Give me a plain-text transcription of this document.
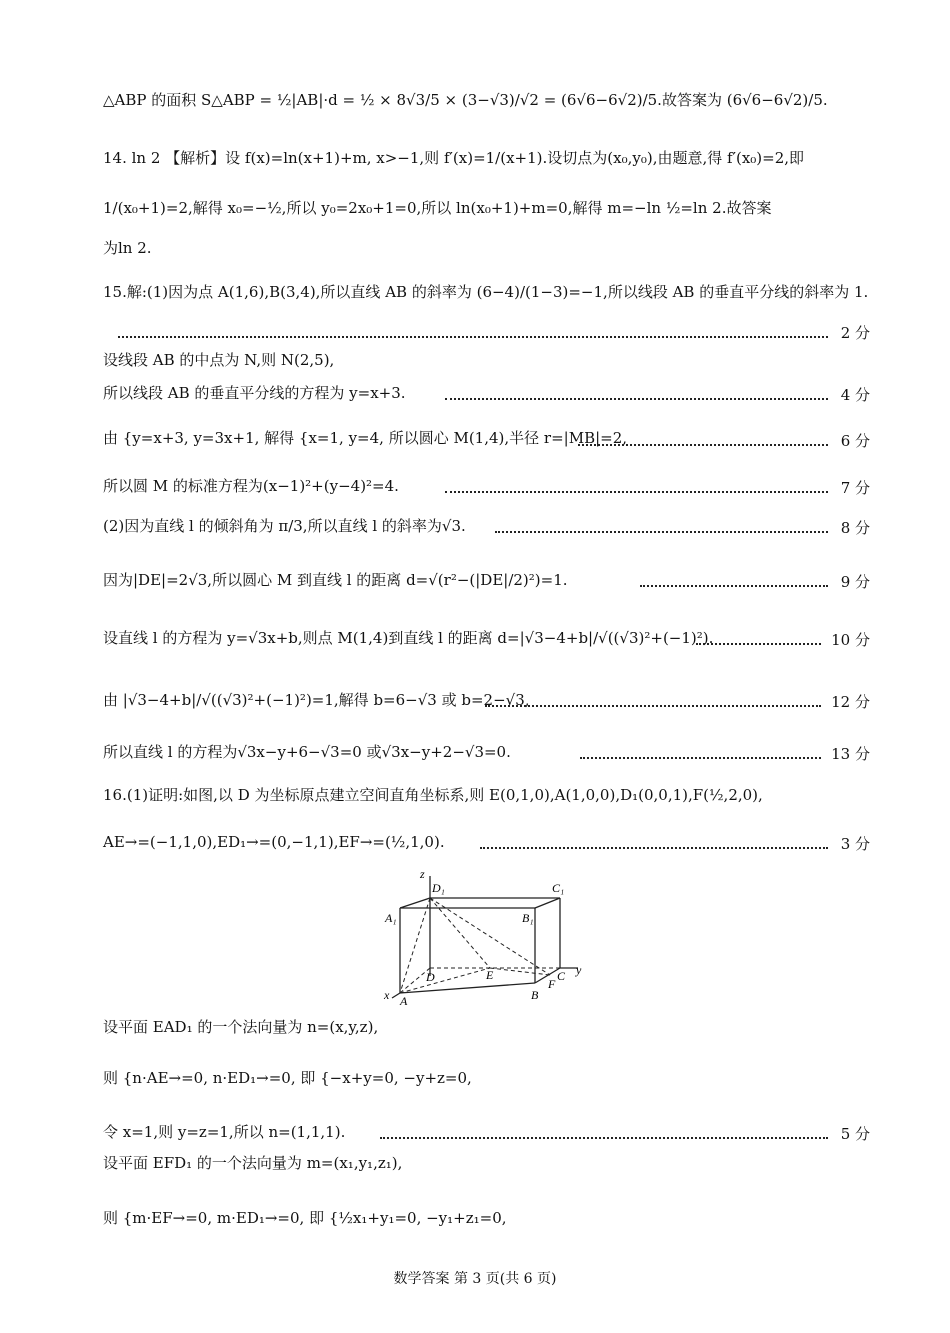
△ABP 的面积 S△ABP = ½|AB|·d = ½ × 8√3/5 × (3−√3)/√2 = (6√6−6√2)/5.故答案为 (6√6−6√2)/5.
14. ln 2 【解析】设 f(x)=ln(x+1)+m, x>−1,则 f′(x)=1/(x+1).设切点为(x₀,y₀),由题意,得 f′(x₀)=2,即
1/(x₀+1)=2,解得 x₀=−½,所以 y₀=2x₀+1=0,所以 ln(x₀+1)+m=0,解得 m=−ln ½=ln 2.故答案
为ln 2.
15.解:(1)因为点 A(1,6),B(3,4),所以直线 AB 的斜率为 (6−4)/(1−3)=−1,所以线段 AB 的垂直平分线的斜率为 1.
2 分
设线段 AB 的中点为 N,则 N(2,5),
所以线段 AB 的垂直平分线的方程为 y=x+3.	4 分
由 {y=x+3, y=3x+1, 解得 {x=1, y=4, 所以圆心 M(1,4),半径 r=|MB|=2,	6 分
所以圆 M 的标准方程为(x−1)²+(y−4)²=4.	7 分
(2)因为直线 l 的倾斜角为 π/3,所以直线 l 的斜率为√3.	8 分
因为|DE|=2√3,所以圆心 M 到直线 l 的距离 d=√(r²−(|DE|/2)²)=1.	9 分
设直线 l 的方程为 y=√3x+b,则点 M(1,4)到直线 l 的距离 d=|√3−4+b|/√((√3)²+(−1)²).	10 分
由 |√3−4+b|/√((√3)²+(−1)²)=1,解得 b=6−√3 或 b=2−√3,	12 分
所以直线 l 的方程为√3x−y+6−√3=0 或√3x−y+2−√3=0.	13 分
16.(1)证明:如图,以 D 为坐标原点建立空间直角坐标系,则 E(0,1,0),A(1,0,0),D₁(0,0,1),F(½,2,0),
AE→=(−1,1,0),ED₁→=(0,−1,1),EF→=(½,1,0).	3 分
z
D₁	C₁
A₁	B₁
D	E	C y
F
x A	B
设平面 EAD₁ 的一个法向量为 n=(x,y,z),
则 {n·AE→=0, n·ED₁→=0, 即 {−x+y=0, −y+z=0,
令 x=1,则 y=z=1,所以 n=(1,1,1).	5 分
设平面 EFD₁ 的一个法向量为 m=(x₁,y₁,z₁),
则 {m·EF→=0, m·ED₁→=0, 即 {½x₁+y₁=0, −y₁+z₁=0,
数学答案 第 3 页(共 6 页)
